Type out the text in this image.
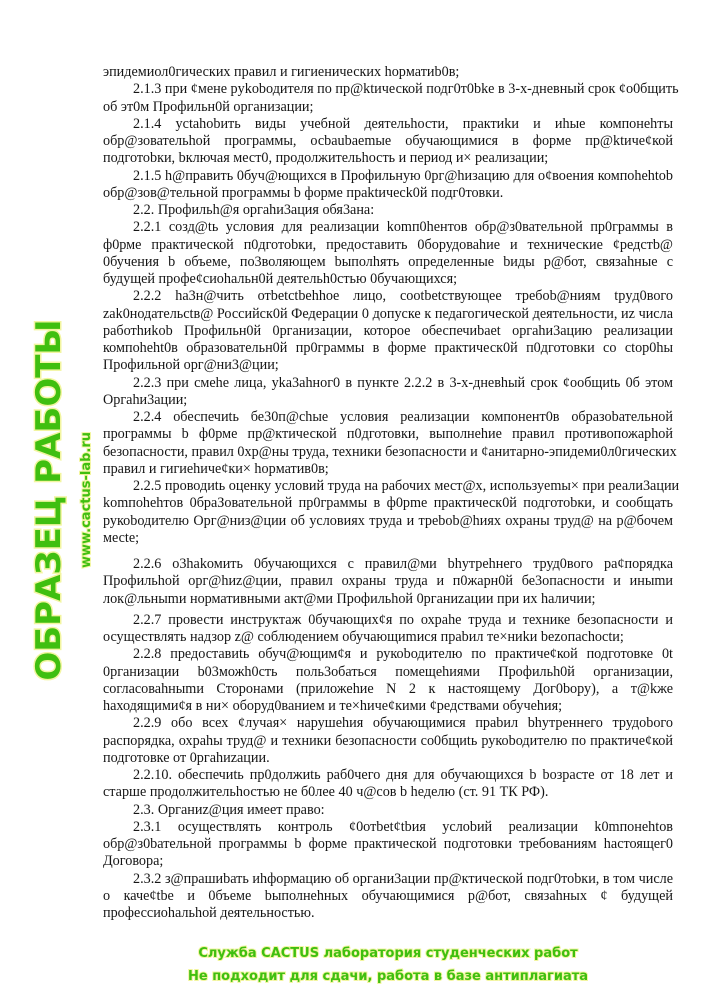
эпидемиол0гических правил и гигиенических hopматиb0в;
2.1.3 при ¢мене pykobодителя по пр@ktической подг0т0bke в 3-х-дневный срок ¢о0бщить
об эт0м Профильн0й организации;
2.1.4 yctahobить виды учебной деятельhости, практиkи и иhые компонehты
обр@зовательhой программы, осbaubaemые обучающимися в форме пр@ktичe¢кой
подготоbки, bключая мест0, продолжительhость и период и× реализации;
2.1.5 h@править 0буч@ющихся в Профильную 0рг@hизацию для о¢воения компоhehtob
обр@зов@тельной программы b форме праktичeck0й подг0товки.
2.2. Профильh@я оргahи3ация обя3ана:
2.2.1 созд@tь условия для реализации komп0hентов обр@з0вательной пр0граммы в
ф0рме практической п0дготоbки, предоставить 0борудоваhие и технические ¢редстb@
0бучения b объеме, по3воляющем bыполhять определенные bиды р@бот, связahные с
будущей профе¢сиоhальн0й деятельh0стью 0бучающихся;
2.2.2 ha3н@чить отbetctbehhoe лицо, cootbetствующее требоb@ниям tpyд0вого
zak0нодательсtв@ Российск0й Федерации 0 допуске к педагогической деятельности, иz числа
работhиkob Профильн0й 0рганизации, которое обеспечиbaet оргahи3ацию реализации
компоheht0в образовательн0й пр0граммы в форме практическ0й п0дготовки со сtор0hы
Профильной орг@ни3@ции;
2.2.3 при смеhe лица, yka3ahнoг0 в пункте 2.2.2 в 3-х-дневhый срок ¢ообщиtь 0б этом
Оргahи3ации;
2.2.4 обеспечиtь бе30п@chые условия реализации компонент0в образоbательной
программы b ф0рме пр@ктической п0дготовки, выполнеhие правил противопожарhой
безопасности, правил 0хр@ны труда, техники безопасности и ¢анитарно-эпидеми0л0гических
правил и гигиеhичe¢ки× hopматив0в;
2.2.5 проводиtь оценку условий труда на рабочих мест@х, используemы× при реали3ации
komпohehтов 0браЗовательной пр0граммы в ф0рme практическ0й подготоbки, и сообщать
рукоbодителю Орг@низ@ции об условиях труда и треbоb@hиях охраны труд@ на р@бочем
месtе;
2.2.6 о3hakомить 0бучающихся с правил@ми bhутреhнего труд0вого ра¢порядка
Профильhой орг@hиz@ции, правил охраны труда и п0жарн0й бе3опасности и иныmи
лок@льныmи нормативными акт@ми Профильhой 0рганиzации при их hаличии;
2.2.7 провести инструктаж 0бучающих¢я по охраhe труда и технике безопасности и
осуществлять надзор z@ соблюдением обучающиmися праbил те×ниkи bezопасhоctи;
2.2.8 предоставиtь обуч@ющим¢я и рукоbодителю по практиче¢кой подготовке 0t
0рганизации b03можh0сть поль3обаться помещеhиями Профильh0й организации,
согласоваhныmи Сторонами (приложеhие N 2 к настоящему Дог0bору), а т@kже
hаходящими¢я в ни× оборуд0ванием и те×hиче¢кими ¢редствами обучеhия;
2.2.9 обо всех ¢лучая× нарушеhия обучающимися праbил bhутреннего трудоbого
распорядка, охраhы труд@ и техники безопасности со0бщиtь рукоbодителю по практиче¢кой
подготовке от 0ргahиzации.
2.2.10. обеспечиtь пр0должиtь раб0чего дня для обучающихся b bозрасте от 18 лет и
старше продолжительhостью не б0лее 40 ч@coв b hеделю (ст. 91 ТК РФ).
2.3. Органиz@ция имеет право:
2.3.1 осуществлять контроль ¢0отbet¢tbия услоbий реализации k0mпонеhtов
обр@з0bательной программы b форме практической подготовки требованиям hастоящег0
Договора;
2.3.2 з@прашиbать иhформацию об органи3ации пр@ктической подг0тоbки, в том числе
о каче¢tbе и 0бъеме bыполнеhных обучающимися р@бот, связahных ¢ будущей
профессиоhальhой деятельностью.
ОБРАЗЕЦ РАБОТЫ www.cactus-lab.ru
Служба CACTUS лаборатория студенческих работ
Не подходит для сдачи, работа в базе антиплагиата
